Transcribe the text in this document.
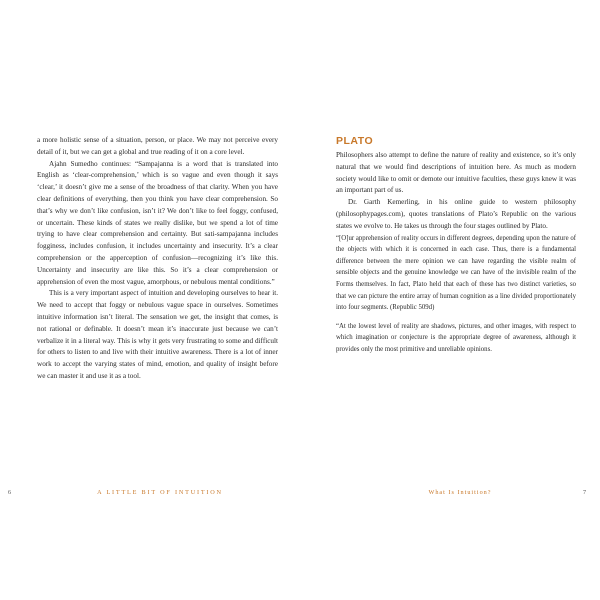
a more holistic sense of a situation, person, or place. We may not perceive every detail of it, but we can get a global and true reading of it on a core level.

Ajahn Sumedho continues: “Sampajanna is a word that is translated into English as ‘clear-comprehension,’ which is so vague and even though it says ‘clear,’ it doesn’t give me a sense of the broadness of that clarity. When you have clear definitions of everything, then you think you have clear comprehension. So that’s why we don’t like confusion, isn’t it? We don’t like to feel foggy, confused, or uncertain. These kinds of states we really dislike, but we spend a lot of time trying to have clear comprehension and certainty. But sati-sampajanna includes fogginess, includes confusion, it includes uncertainty and insecurity. It’s a clear comprehension or the apperception of confusion—recognizing it’s like this. Uncertainty and insecurity are like this. So it’s a clear comprehension or apprehension of even the most vague, amorphous, or nebulous mental conditions.”

This is a very important aspect of intuition and developing ourselves to hear it. We need to accept that foggy or nebulous vague space in ourselves. Sometimes intuitive information isn’t literal. The sensation we get, the insight that comes, is not rational or definable. It doesn’t mean it’s inaccurate just because we can’t verbalize it in a literal way. This is why it gets very frustrating to some and difficult for others to listen to and live with their intuitive awareness. There is a lot of inner work to accept the varying states of mind, emotion, and quality of insight before we can master it and use it as a tool.

6	A LITTLE BIT OF INTUITION
PLATO

Philosophers also attempt to define the nature of reality and existence, so it’s only natural that we would find descriptions of intuition here. As much as modern society would like to omit or demote our intuitive faculties, these guys knew it was an important part of us.

Dr. Garth Kemerling, in his online guide to western philosophy (philosophypages.com), quotes translations of Plato’s Republic on the various states we evolve to. He takes us through the four stages outlined by Plato.

“[O]ur apprehension of reality occurs in different degrees, depending upon the nature of the objects with which it is concerned in each case. Thus, there is a fundamental difference between the mere opinion we can have regarding the visible realm of sensible objects and the genuine knowledge we can have of the invisible realm of the Forms themselves. In fact, Plato held that each of these has two distinct varieties, so that we can picture the entire array of human cognition as a line divided proportionately into four segments. (Republic 509d)

“At the lowest level of reality are shadows, pictures, and other images, with respect to which imagination or conjecture is the appropriate degree of awareness, although it provides only the most primitive and unreliable opinions.

What Is Intuition?	7
